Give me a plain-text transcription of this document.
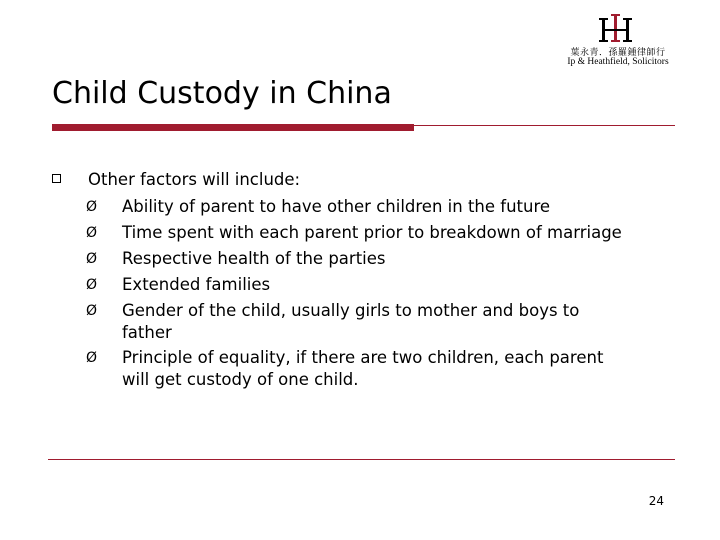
葉永青．孫羅鍾律師行
Ip & Heathfield, Solicitors
Child Custody in China
Other factors will include:
Ø Ability of parent to have other children in the future
Ø Time spent with each parent prior to breakdown of marriage
Ø Respective health of the parties
Ø Extended families
Ø Gender of the child, usually girls to mother and boys to
father
Ø Principle of equality, if there are two children, each parent
will get custody of one child.
24
